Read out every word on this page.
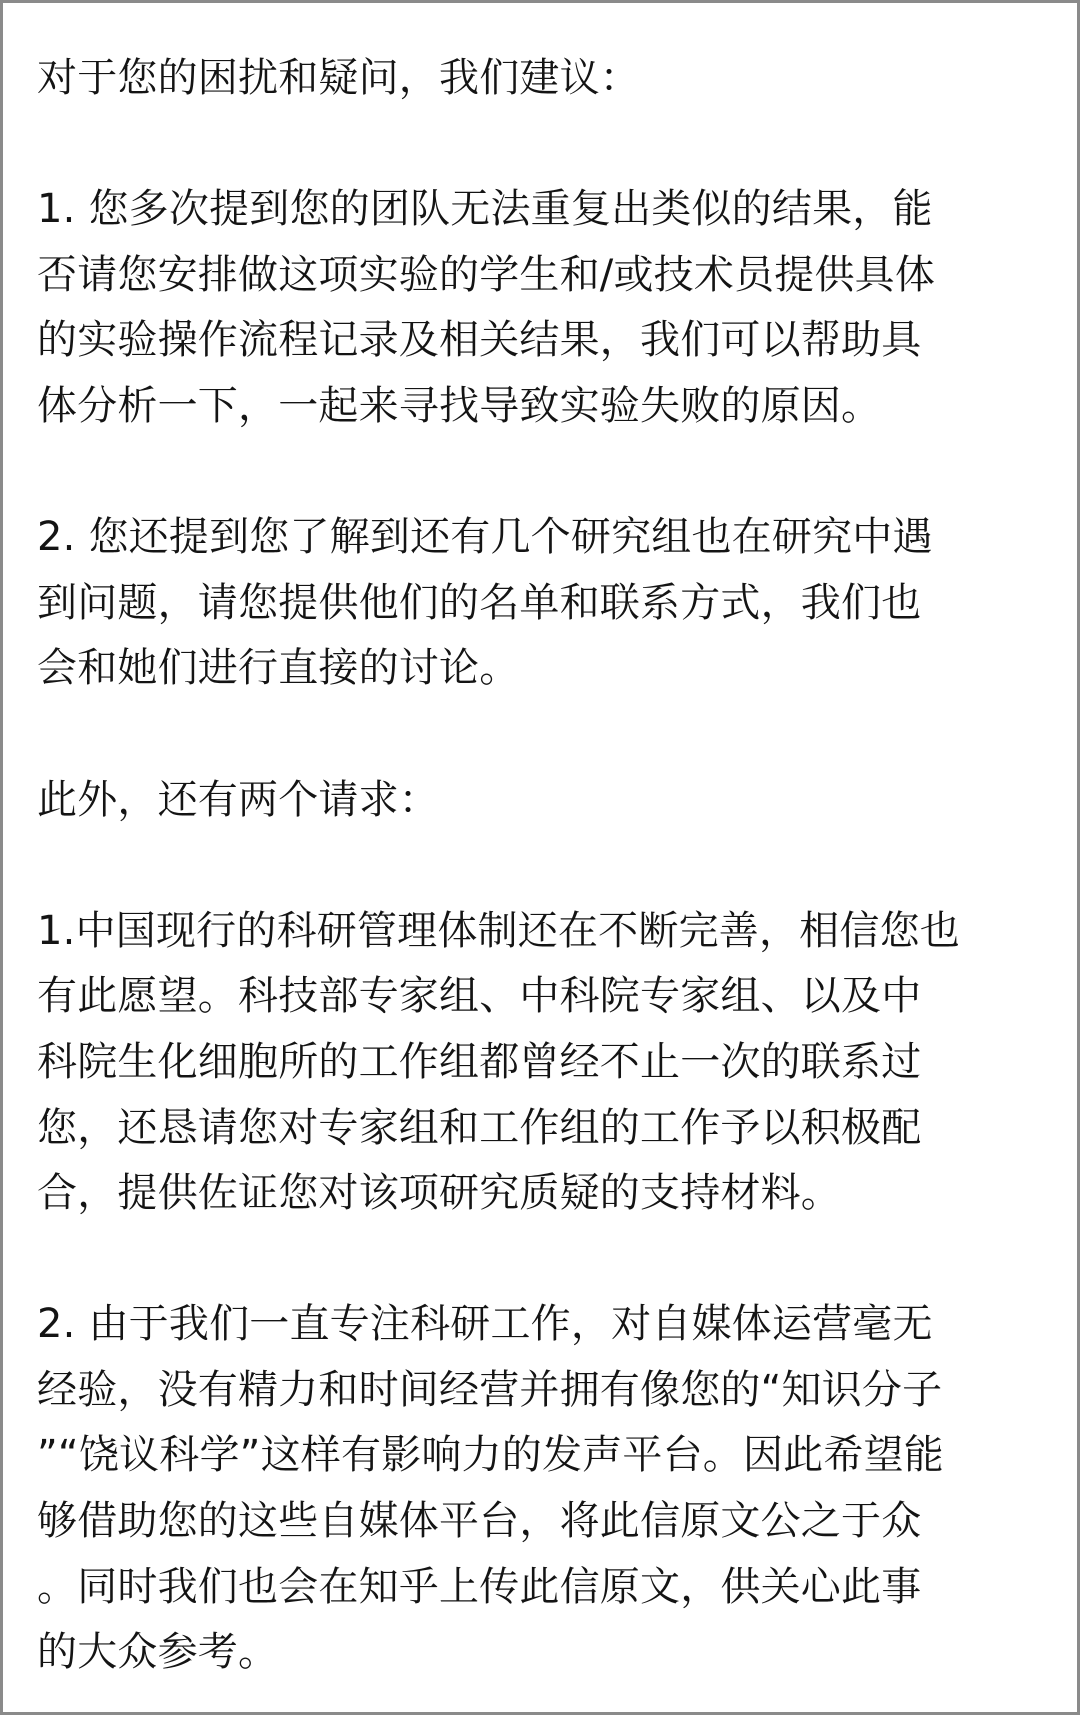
对于您的困扰和疑问，我们建议：
1. 您多次提到您的团队无法重复出类似的结果，能
否请您安排做这项实验的学生和/或技术员提供具体
的实验操作流程记录及相关结果，我们可以帮助具
体分析一下，一起来寻找导致实验失败的原因。
2. 您还提到您了解到还有几个研究组也在研究中遇
到问题，请您提供他们的名单和联系方式，我们也
会和她们进行直接的讨论。
此外，还有两个请求：
1.中国现行的科研管理体制还在不断完善，相信您也
有此愿望。科技部专家组、中科院专家组、以及中
科院生化细胞所的工作组都曾经不止一次的联系过
您，还恳请您对专家组和工作组的工作予以积极配
合，提供佐证您对该项研究质疑的支持材料。
2. 由于我们一直专注科研工作，对自媒体运营毫无
经验，没有精力和时间经营并拥有像您的“知识分子
”“饶议科学”这样有影响力的发声平台。因此希望能
够借助您的这些自媒体平台，将此信原文公之于众
。同时我们也会在知乎上传此信原文，供关心此事
的大众参考。
